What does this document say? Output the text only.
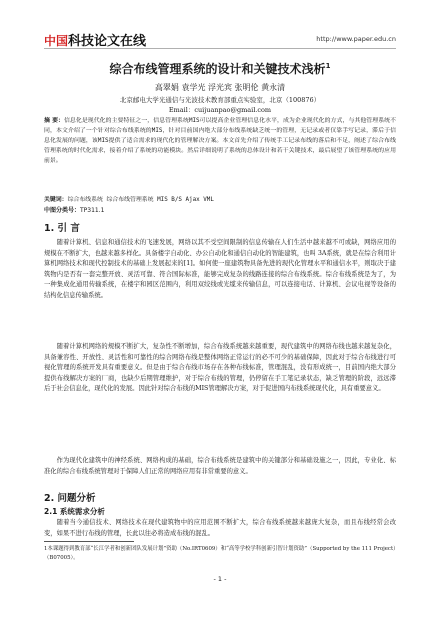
中国 科技论文在线	http://www.paper.edu.cn
综合布线管理系统的设计和关键技术浅析$^1$
高翠娟 袁学光 浮光宾 张明伦 黄永清
北京邮电大学光通信与光波技术教育部重点实验室，北京（100876）
Email：cuijuanpao@gmail.com
摘 要：信息化是现代化的主要特征之一，信息管理系统MIS可以提高企业管理信息化水平，成为企业现代化的方式，与其他管理系统不同，本文介绍了一个针对综合布线系统的MIS，针对目前国内绝大部分布线系统缺乏统一的管理，无记录或者仅靠手写记录，滞后于信息化发展的问题，该MIS提供了适合需求的现代化的管理解决方案。本文首先介绍了传统手工记录布线的落后和不足，阐述了综合布线管理系统的时代化需求，接着介绍了系统的功能模块。然后详细说明了系统的总体设计和若干关键技术，最后展望了该管理系统的应用前景。
关键词：综合布线系统 综合布线管理系统 MIS B/S Ajax VML
中图分类号：TP311.1
1. 引 言
随着计算机、信息和通信技术的飞速发展，网络以其不受空间限制的信息传输在人们生活中越来越不可或缺，网络应用的规模在不断扩大，也越来越多样化。具备楼宇自动化、办公自动化和通信自动化的智能建筑，也叫 3A系统，就是在综合利用计算机网络技术和现代控制技术的基础上发展起来的[1]。如何使一座建筑物具备先进的现代化管理水平和通信水平，则取决于建筑物内是否有一套完整开放、灵活可靠、符合国际标准，能够完成复杂的线路连接的综合布线系统。综合布线系统是为了，为一种集成化通用传输系统，在楼宇和园区范围内，利用双绞线或光缆来传输信息，可以连接电话、计算机、会议电视等设备的结构化信息传输系统。
随着计算机网络的规模不断扩大，复杂性不断增加，综合布线系统越来越重要，现代建筑中的网络布线也越来越复杂化，具备兼容性、开放性、灵活性和可靠性的综合网络布线是整体网络正常运行的必不可少的基础保障，因此对于综合布线进行可视化管理的系统开发具有重要意义。但是由于综合布线市场存在各种布线标准，管理混乱，没有形成统一，目前国内绝大部分提供布线解决方案的厂商，也缺少后期管理维护，对于综合布线的管理，仍停留在手工笔记录状态，缺乏管理的阶段，远远滞后于社会信息化，现代化的发展。因此针对综合布线的MIS管理解决方案，对于促进国内布线系统现代化，具有重要意义。
作为现代化建筑中的神经系统、网络构成的基础，综合布线系统是建筑中的关键部分和基础设施之一，因此，专业化、标准化的综合布线系统管理对于保障人们正常的网络应用有非常重要的意义。
2. 问题分析
2.1 系统需求分析
随着当今通信技术、网络技术在现代建筑物中的应用范围不断扩大，综合布线系统越来越庞大复杂，而且布线经常会改变，如果不进行布线的管理，长此以往必将造成布线的混乱。
1本课题得到教育部“长江学者和创新团队发展计划”资助（No.IRT0609）和“高等学校学科创新引智计划资助”（Supported by the 111 Project）（B07005）。
- 1 -
